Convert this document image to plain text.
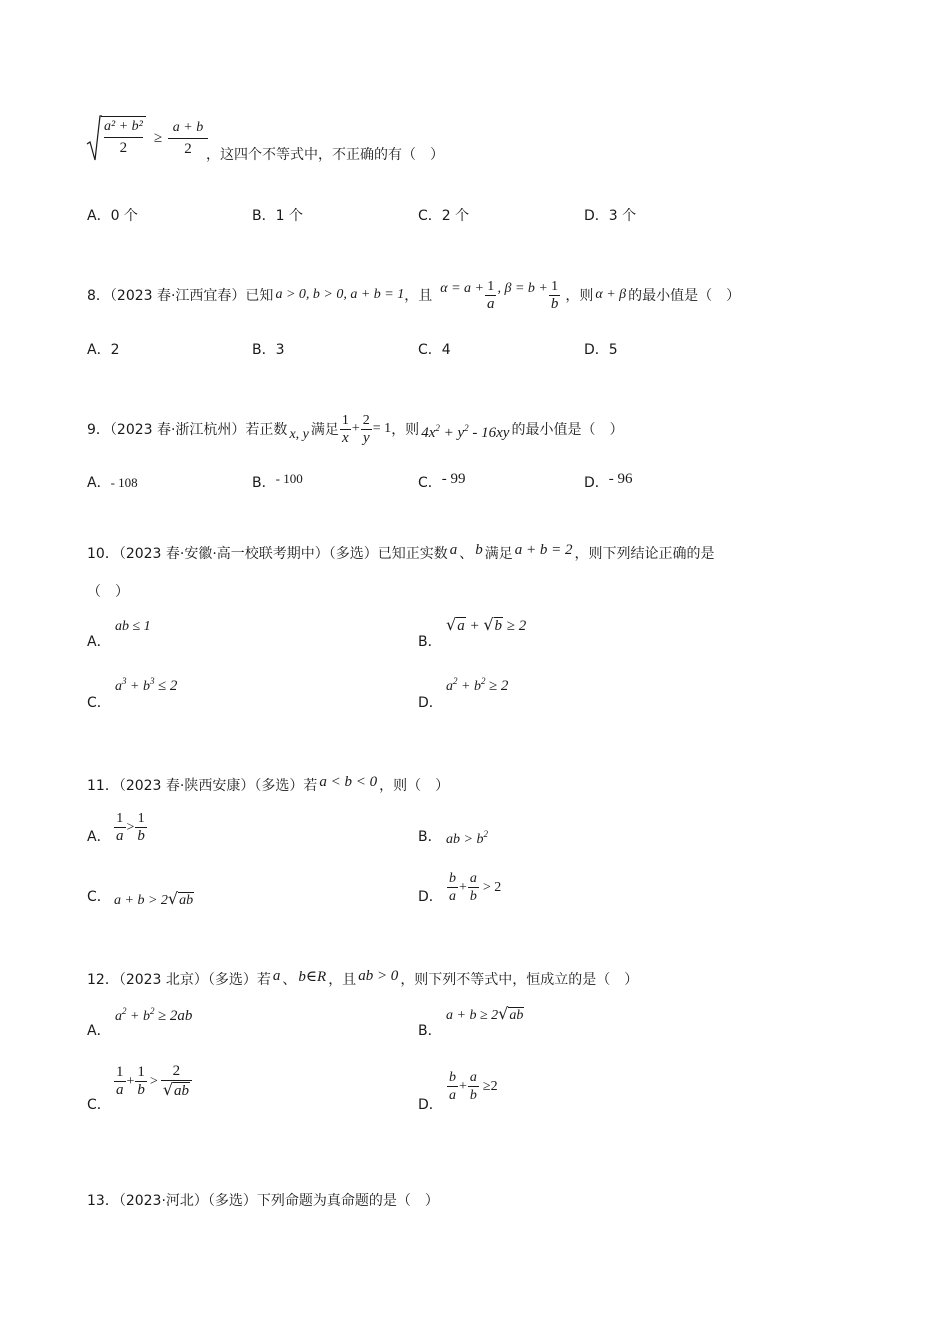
$\frac{\text{a² + b²}}{2} \ge \frac{a + b}{2}$
，这四个不等式中，不正确的有（　）
A．0 个	B．1 个	C．2 个	D．3 个
8．（2023 春·江西宜春）已知 a > 0, b > 0, a + b = 1 ，且 $\alpha = a + \frac{1}{a}$ , $\beta = b + \frac{1}{b}$ ，则 α + β 的最小值是（　）
A．2	B．3	C．4	D．5
9．（2023 春·浙江杭州）若正数 x, y 满足 $\frac{1}{x} + \frac{2}{y} = 1$ ，则 $4x^2 + y^2 - 16xy$ 的最小值是（　）
A．- 108	B．- 100	C．- 99	D．- 96
10．（2023 春·安徽·高一校联考期中）（多选）已知正实数 a 、 b 满足 a + b = 2 ，则下列结论正确的是
（　）
A．
ab ≤ 1
B．
√a + √b ≥ 2
C．
$a^3 + b^3 \le 2$
D．
$a^2 + b^2 \ge 2$
11．（2023 春·陕西安康）（多选）若 a < b < 0 ，则（　）
A． $\frac{1}{a} > \frac{1}{b}$	B． ab > $b^2$
C． a + b > 2√ab	D． $\frac{b}{a} + \frac{a}{b} > 2$
12．（2023 北京）（多选）若 a 、 b∈R ，且 ab > 0 ，则下列不等式中，恒成立的是（　）
A．
$a^2 + b^2 \ge 2ab$
B．
a + b ≥ 2√ab
C．
$\frac{1}{a} + \frac{1}{b} > \frac{2}{√ab}$
D．
$\frac{b}{a} + \frac{a}{b} \ge 2$
13．（2023·河北）（多选）下列命题为真命题的是（　）
